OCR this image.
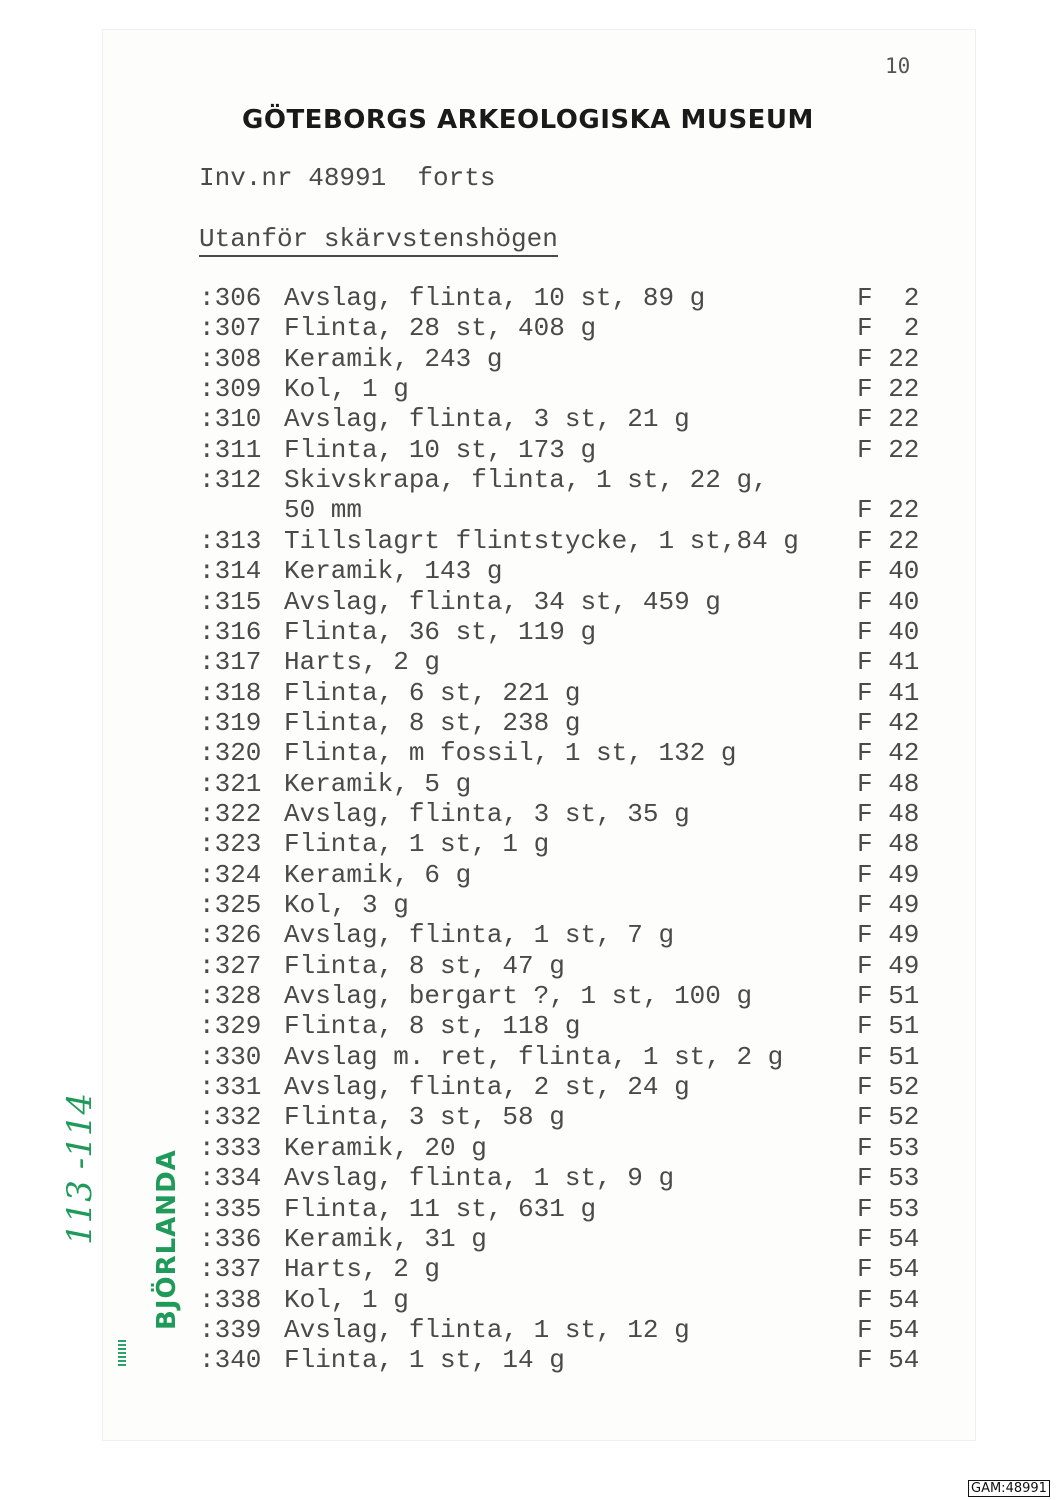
10
GÖTEBORGS ARKEOLOGISKA MUSEUM
Inv.nr 48991  forts
Utanför skärvstenshögen
:306 Avslag, flinta, 10 st, 89 g	F  2
:307 Flinta, 28 st, 408 g	F  2
:308 Keramik, 243 g	F 22
:309 Kol, 1 g	F 22
:310 Avslag, flinta, 3 st, 21 g	F 22
:311 Flinta, 10 st, 173 g	F 22
:312 Skivskrapa, flinta, 1 st, 22 g,
50 mm	F 22
:313 Tillslagrt flintstycke, 1 st,84 g F 22
:314 Keramik, 143 g	F 40
:315 Avslag, flinta, 34 st, 459 g	F 40
:316 Flinta, 36 st, 119 g	F 40
:317 Harts, 2 g	F 41
:318 Flinta, 6 st, 221 g	F 41
:319 Flinta, 8 st, 238 g	F 42
:320 Flinta, m fossil, 1 st, 132 g	F 42
:321 Keramik, 5 g	F 48
:322 Avslag, flinta, 3 st, 35 g	F 48
:323 Flinta, 1 st, 1 g	F 48
:324 Keramik, 6 g	F 49
:325 Kol, 3 g	F 49
:326 Avslag, flinta, 1 st, 7 g	F 49
:327 Flinta, 8 st, 47 g	F 49
:328 Avslag, bergart ?, 1 st, 100 g	F 51
:329 Flinta, 8 st, 118 g	F 51
:330 Avslag m. ret, flinta, 1 st, 2 g	F 51
:331 Avslag, flinta, 2 st, 24 g	F 52
:332 Flinta, 3 st, 58 g	F 52
:333 Keramik, 20 g	F 53
:334 Avslag, flinta, 1 st, 9 g	F 53
:335 Flinta, 11 st, 631 g	F 53
:336 Keramik, 31 g	F 54
:337 Harts, 2 g	F 54
:338 Kol, 1 g	F 54
:339 Avslag, flinta, 1 st, 12 g	F 54
:340 Flinta, 1 st, 14 g	F 54
113 -114 BJÖRLANDA
GAM:48991
